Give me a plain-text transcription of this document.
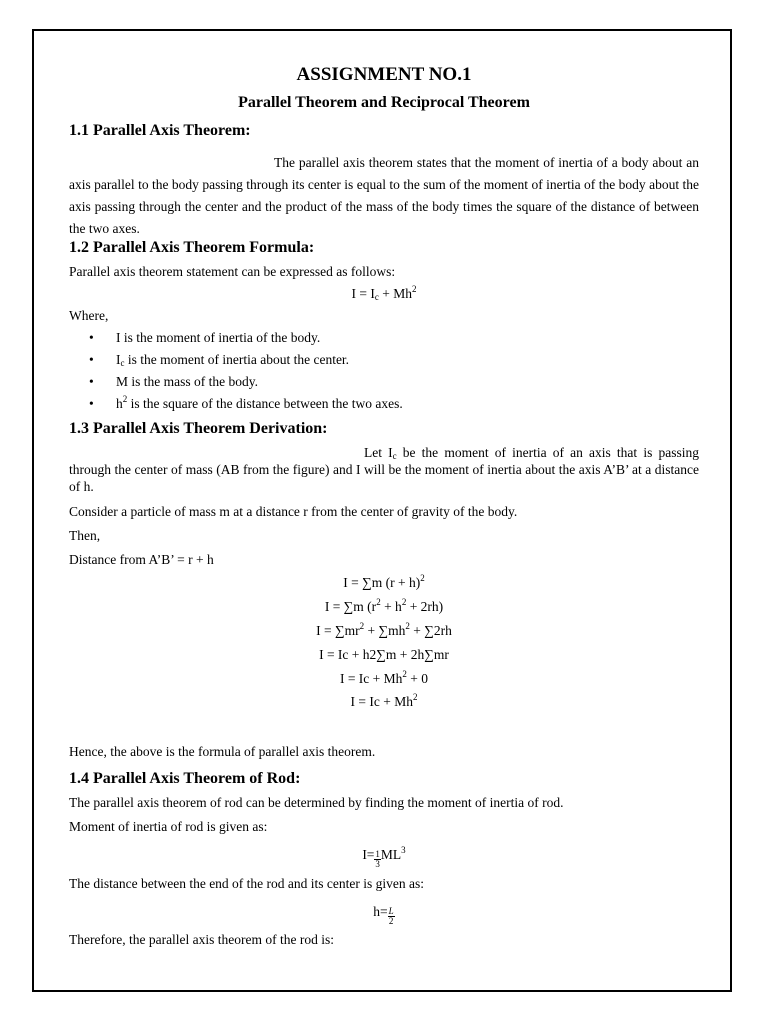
ASSIGNMENT NO.1
Parallel Theorem and Reciprocal Theorem
1.1 Parallel Axis Theorem:
The parallel axis theorem states that the moment of inertia of a body about an axis parallel to the body passing through its center is equal to the sum of the moment of inertia of the body about the axis passing through the center and the product of the mass of the body times the square of the distance of between the two axes.
1.2 Parallel Axis Theorem Formula:
Parallel axis theorem statement can be expressed as follows:
$I = I_c + Mh^2$
Where,
• I is the moment of inertia of the body.
• $I_c$ is the moment of inertia about the center.
• M is the mass of the body.
• $h^2$ is the square of the distance between the two axes.
1.3 Parallel Axis Theorem Derivation:
Let $I_c$ be the moment of inertia of an axis that is passing through the center of mass (AB from the figure) and I will be the moment of inertia about the axis A’B’ at a distance of h.
Consider a particle of mass m at a distance r from the center of gravity of the body.
Then,
Distance from A’B’ = r + h
I = ∑m $(r + h)^2$
I = ∑m $(r^2 + h^2 + 2rh)$
$I = \sum mr^2 + \sum mh^2 + \sum 2rh$
I = Ic + h2∑m + 2h∑mr
$I = Ic + Mh^2 + 0$
$I = Ic + Mh^2$
Hence, the above is the formula of parallel axis theorem.
1.4 Parallel Axis Theorem of Rod:
The parallel axis theorem of rod can be determined by finding the moment of inertia of rod.
Moment of inertia of rod is given as:
$I= \frac{1}{3} ML^3$
The distance between the end of the rod and its center is given as:
$h= \frac{L}{2}$
Therefore, the parallel axis theorem of the rod is:
